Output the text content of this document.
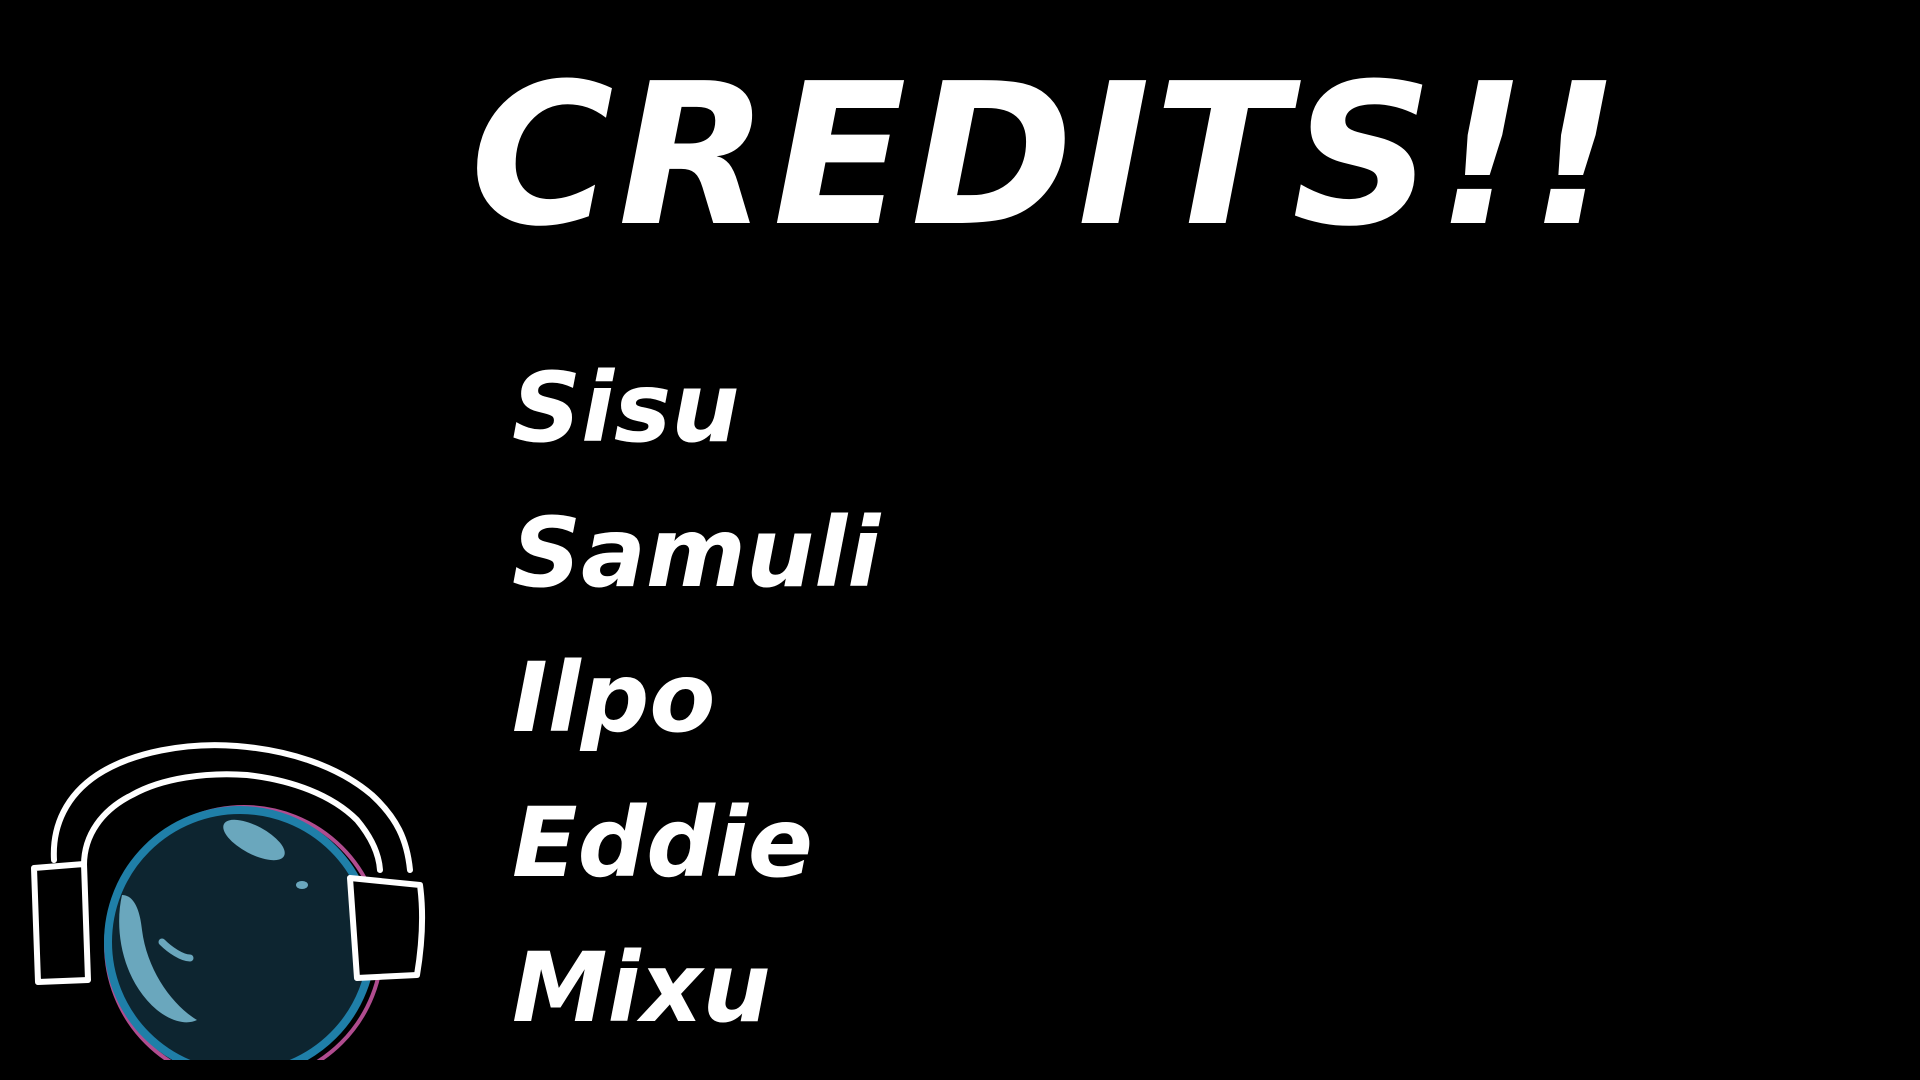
CREDITS!!
Sisu
Samuli
Ilpo
Eddie
Mixu
